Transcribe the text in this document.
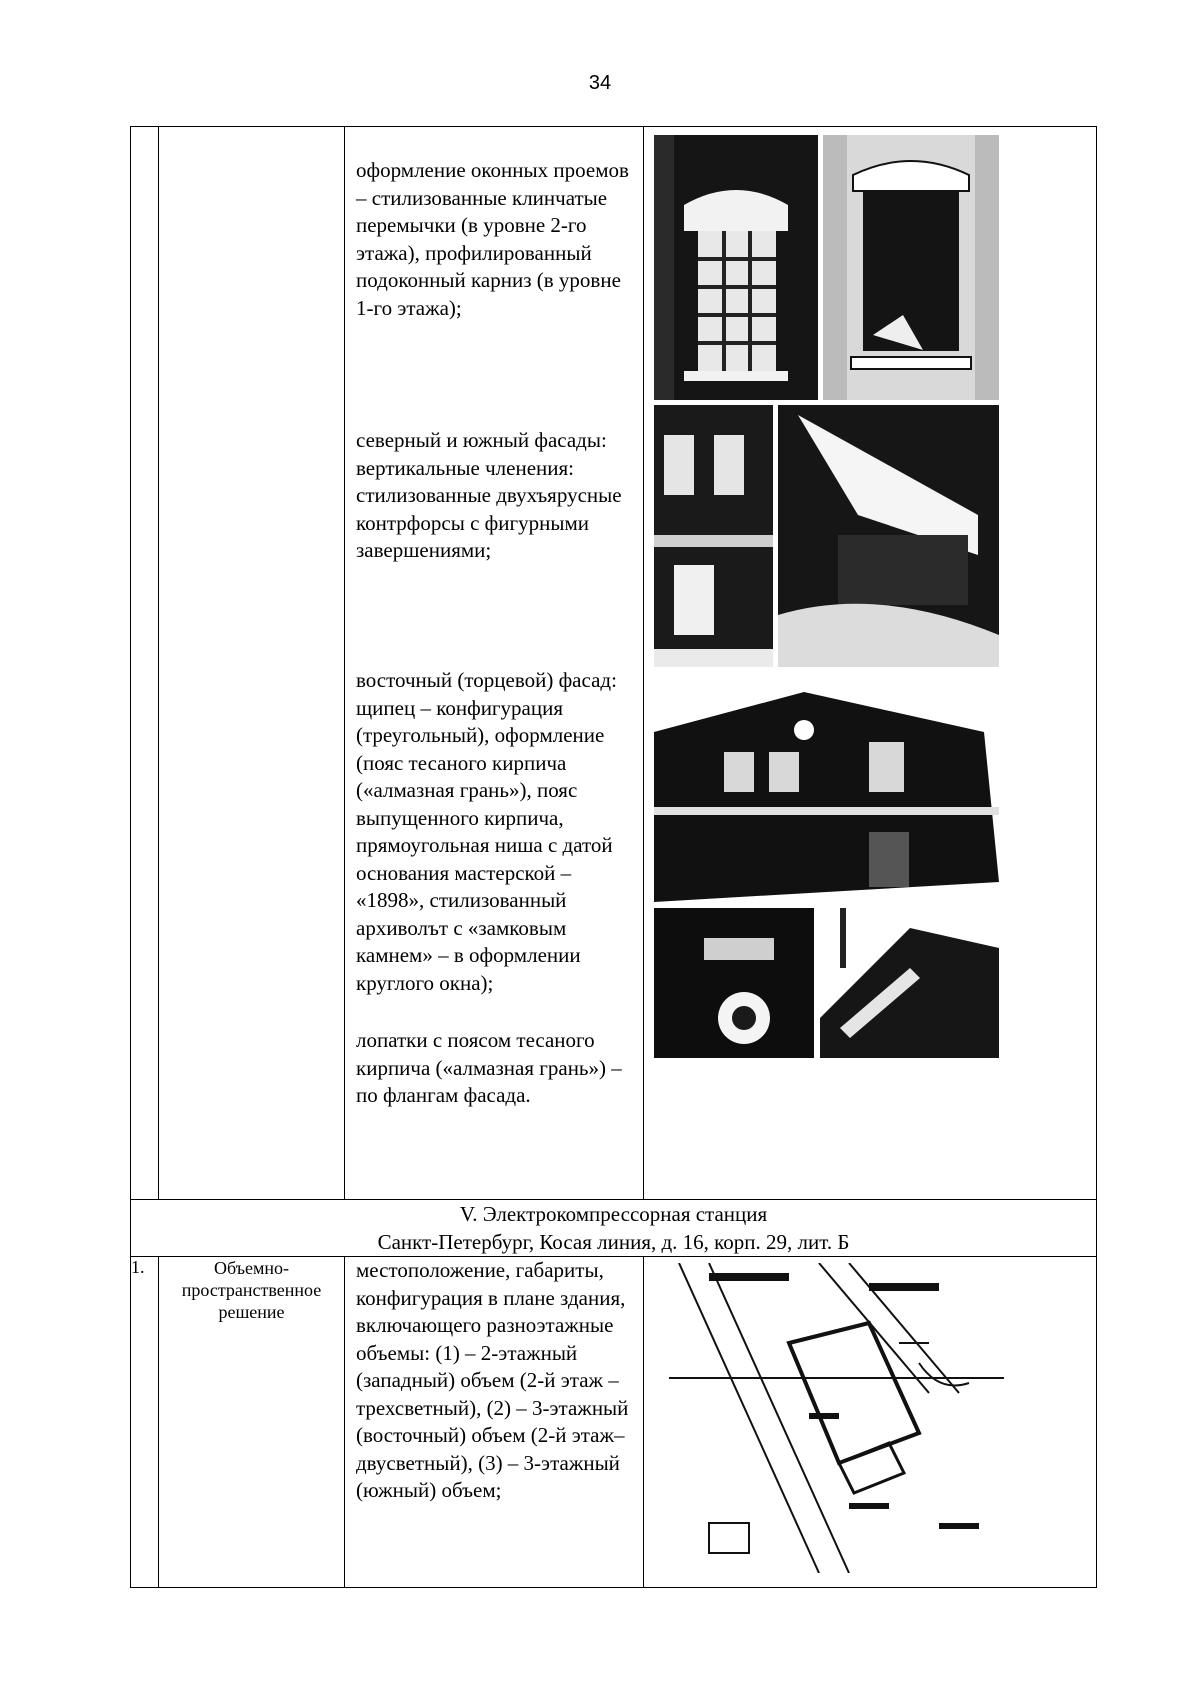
34

		оформление оконных проемов – стилизованные клинчатые перемычки (в уровне 2-го этажа), профилированный подоконный карниз (в уровне 1-го этажа);

северный и южный фасады: вертикальные членения: стилизованные двухъярусные контрфорсы с фигурными завершениями;

восточный (торцевой) фасад: щипец – конфигурация (треугольный), оформление (пояс тесаного кирпича («алмазная грань»), пояс выпущенного кирпича, прямоугольная ниша с датой основания мастерской – «1898», стилизованный архиволът с «замковым камнем» – в оформлении круглого окна);

лопатки с поясом тесаного кирпича («алмазная грань») – по флангам фасада.

V. Электрокомпрессорная станция
Санкт-Петербург, Косая линия, д. 16, корп. 29, лит. Б			

1.	Объемно-пространственное решение	местоположение, габариты, конфигурация в плане здания, включающего разноэтажные объемы: (1) – 2-этажный (западный) объем (2-й этаж – трехсветный), (2) – 3-этажный (восточный) объем (2-й этаж– двусветный), (3) – 3-этажный (южный) объем;
